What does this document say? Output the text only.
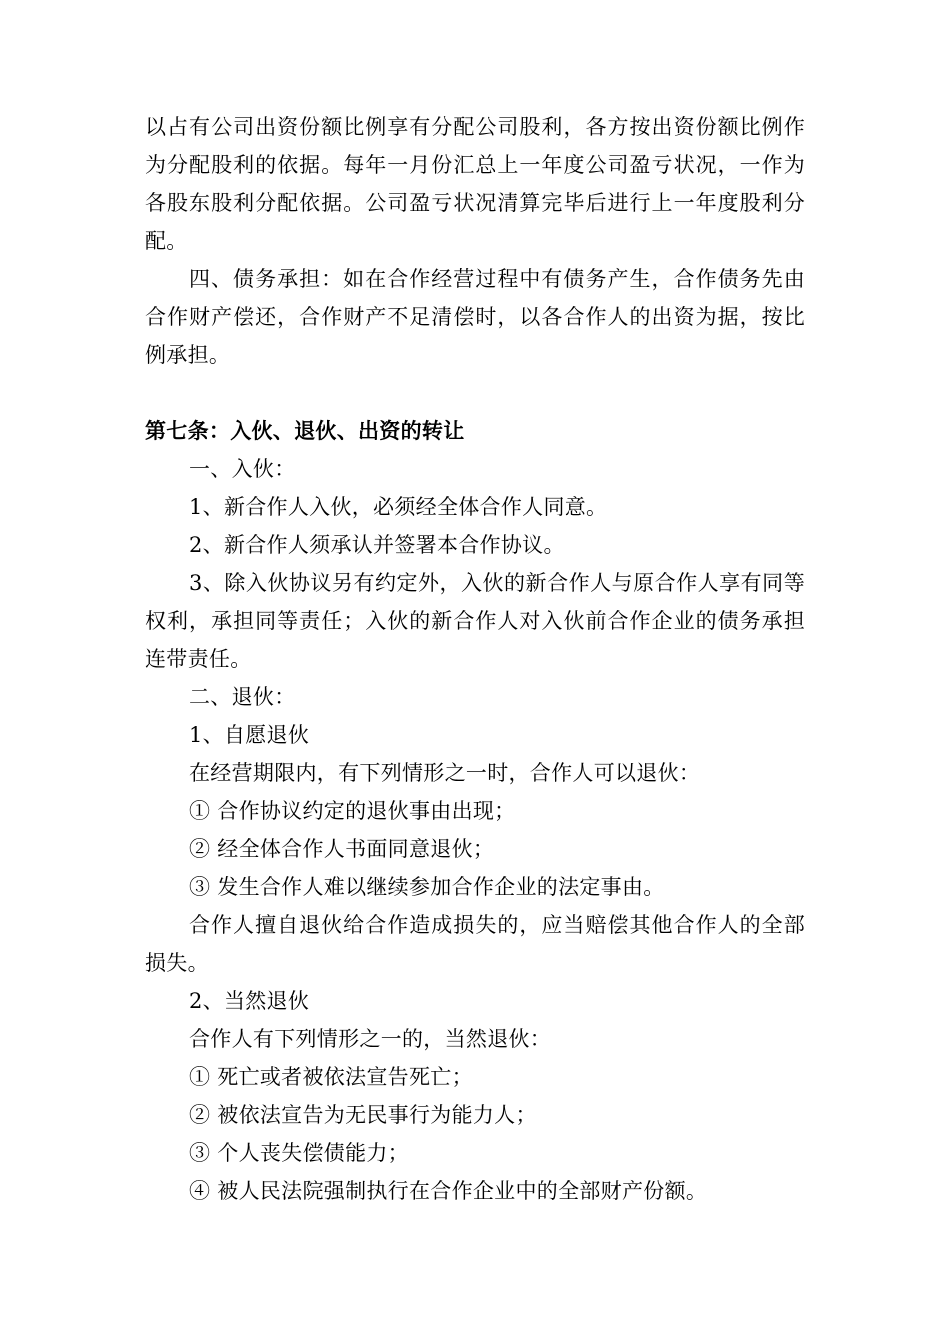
以占有公司出资份额比例享有分配公司股利，各方按出资份额比例作为分配股利的依据。每年一月份汇总上一年度公司盈亏状况，一作为各股东股利分配依据。公司盈亏状况清算完毕后进行上一年度股利分配。

四、债务承担：如在合作经营过程中有债务产生，合作债务先由合作财产偿还，合作财产不足清偿时，以各合作人的出资为据，按比例承担。

第七条：入伙、退伙、出资的转让

一、入伙：

1、新合作人入伙，必须经全体合作人同意。

2、新合作人须承认并签署本合作协议。

3、除入伙协议另有约定外，入伙的新合作人与原合作人享有同等权利，承担同等责任；入伙的新合作人对入伙前合作企业的债务承担连带责任。

二、退伙：

1、自愿退伙

在经营期限内，有下列情形之一时，合作人可以退伙：

① 合作协议约定的退伙事由出现；

② 经全体合作人书面同意退伙；

③ 发生合作人难以继续参加合作企业的法定事由。

合作人擅自退伙给合作造成损失的，应当赔偿其他合作人的全部损失。

2、当然退伙

合作人有下列情形之一的，当然退伙：

① 死亡或者被依法宣告死亡；

② 被依法宣告为无民事行为能力人；

③ 个人丧失偿债能力；

④ 被人民法院强制执行在合作企业中的全部财产份额。
